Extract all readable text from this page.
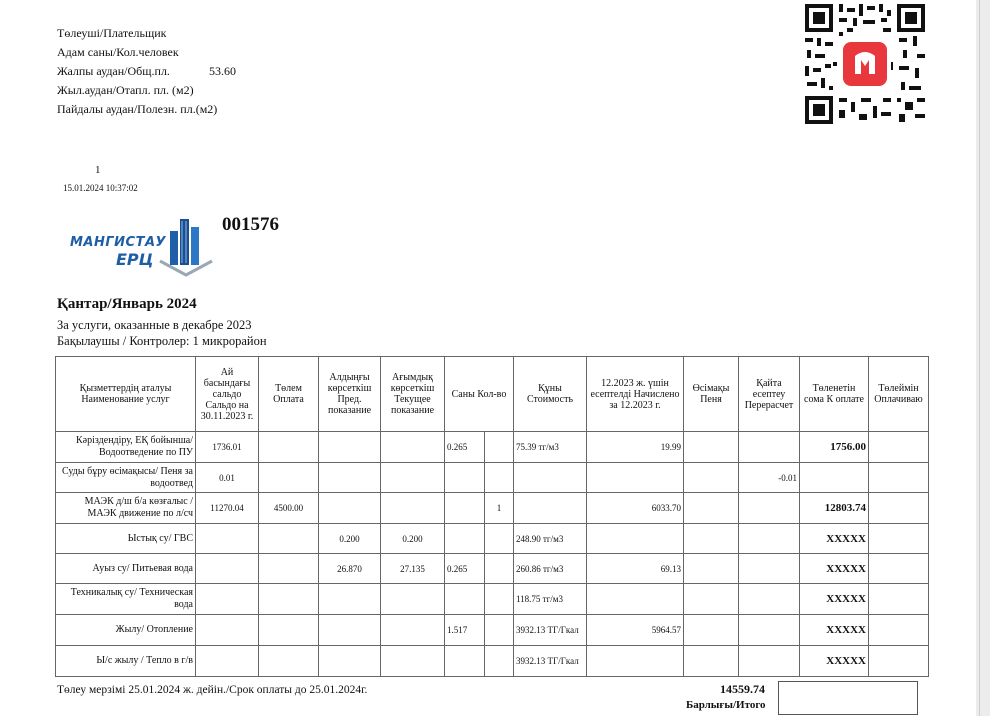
Төлеуші/Плательщик
Адам саны/Кол.человек
Жалпы аудан/Общ.пл.	53.60
Жыл.аудан/Отапл. пл. (м2)
Пайдалы аудан/Полезн. пл.(м2)
1
15.01.2024 10:37:02
МАНГИСТАУ
ЕРЦ
001576
Қантар/Январь 2024
За услуги, оказанные в декабре 2023
Бақылаушы / Контролер: 1 микрорайон
Қызметтердің аталуы Наименование услуг	Ай басындағы сальдо Сальдо на 30.11.2023 г.	Төлем Оплата	Алдыңғы көрсеткіш Пред. показание	Ағымдық көрсеткіш Текущее показание	Саны Кол-во		Құны Стоимость	12.2023 ж. үшін есептелді Начислено за 12.2023 г.	Өсімақы Пеня	Қайта есептеу Перерасчет	Төленетін сома К оплате	Төлеймін Оплачиваю
Кәріздендіру, ЕҚ бойынша/ Водоотведение по ПУ	1736.01				0.265		75.39 тг/м3	19.99			1756.00	
Суды бұру өсімақысы/ Пеня за водоотвед	0.01									-0.01		
МАЭК д/ш б/а көзғалыс / МАЭК движение по л/сч	11270.04	4500.00				1		6033.70			12803.74	
Ыстық су/ ГВС			0.200	0.200			248.90 тг/м3				XXXXX	
Ауыз су/ Питьевая вода			26.870	27.135	0.265		260.86 тг/м3	69.13			XXXXX	
Техникалық су/ Техническая вода							118.75 тг/м3				XXXXX	
Жылу/ Отопление					1.517		3932.13 ТГ/Гкал	5964.57			XXXXX	
Ы/с жылу / Тепло в г/в							3932.13 ТГ/Гкал				XXXXX	
Төлеу мерзімі 25.01.2024 ж. дейін./Срок оплаты до 25.01.2024г.	14559.74
Барлығы/Итого
